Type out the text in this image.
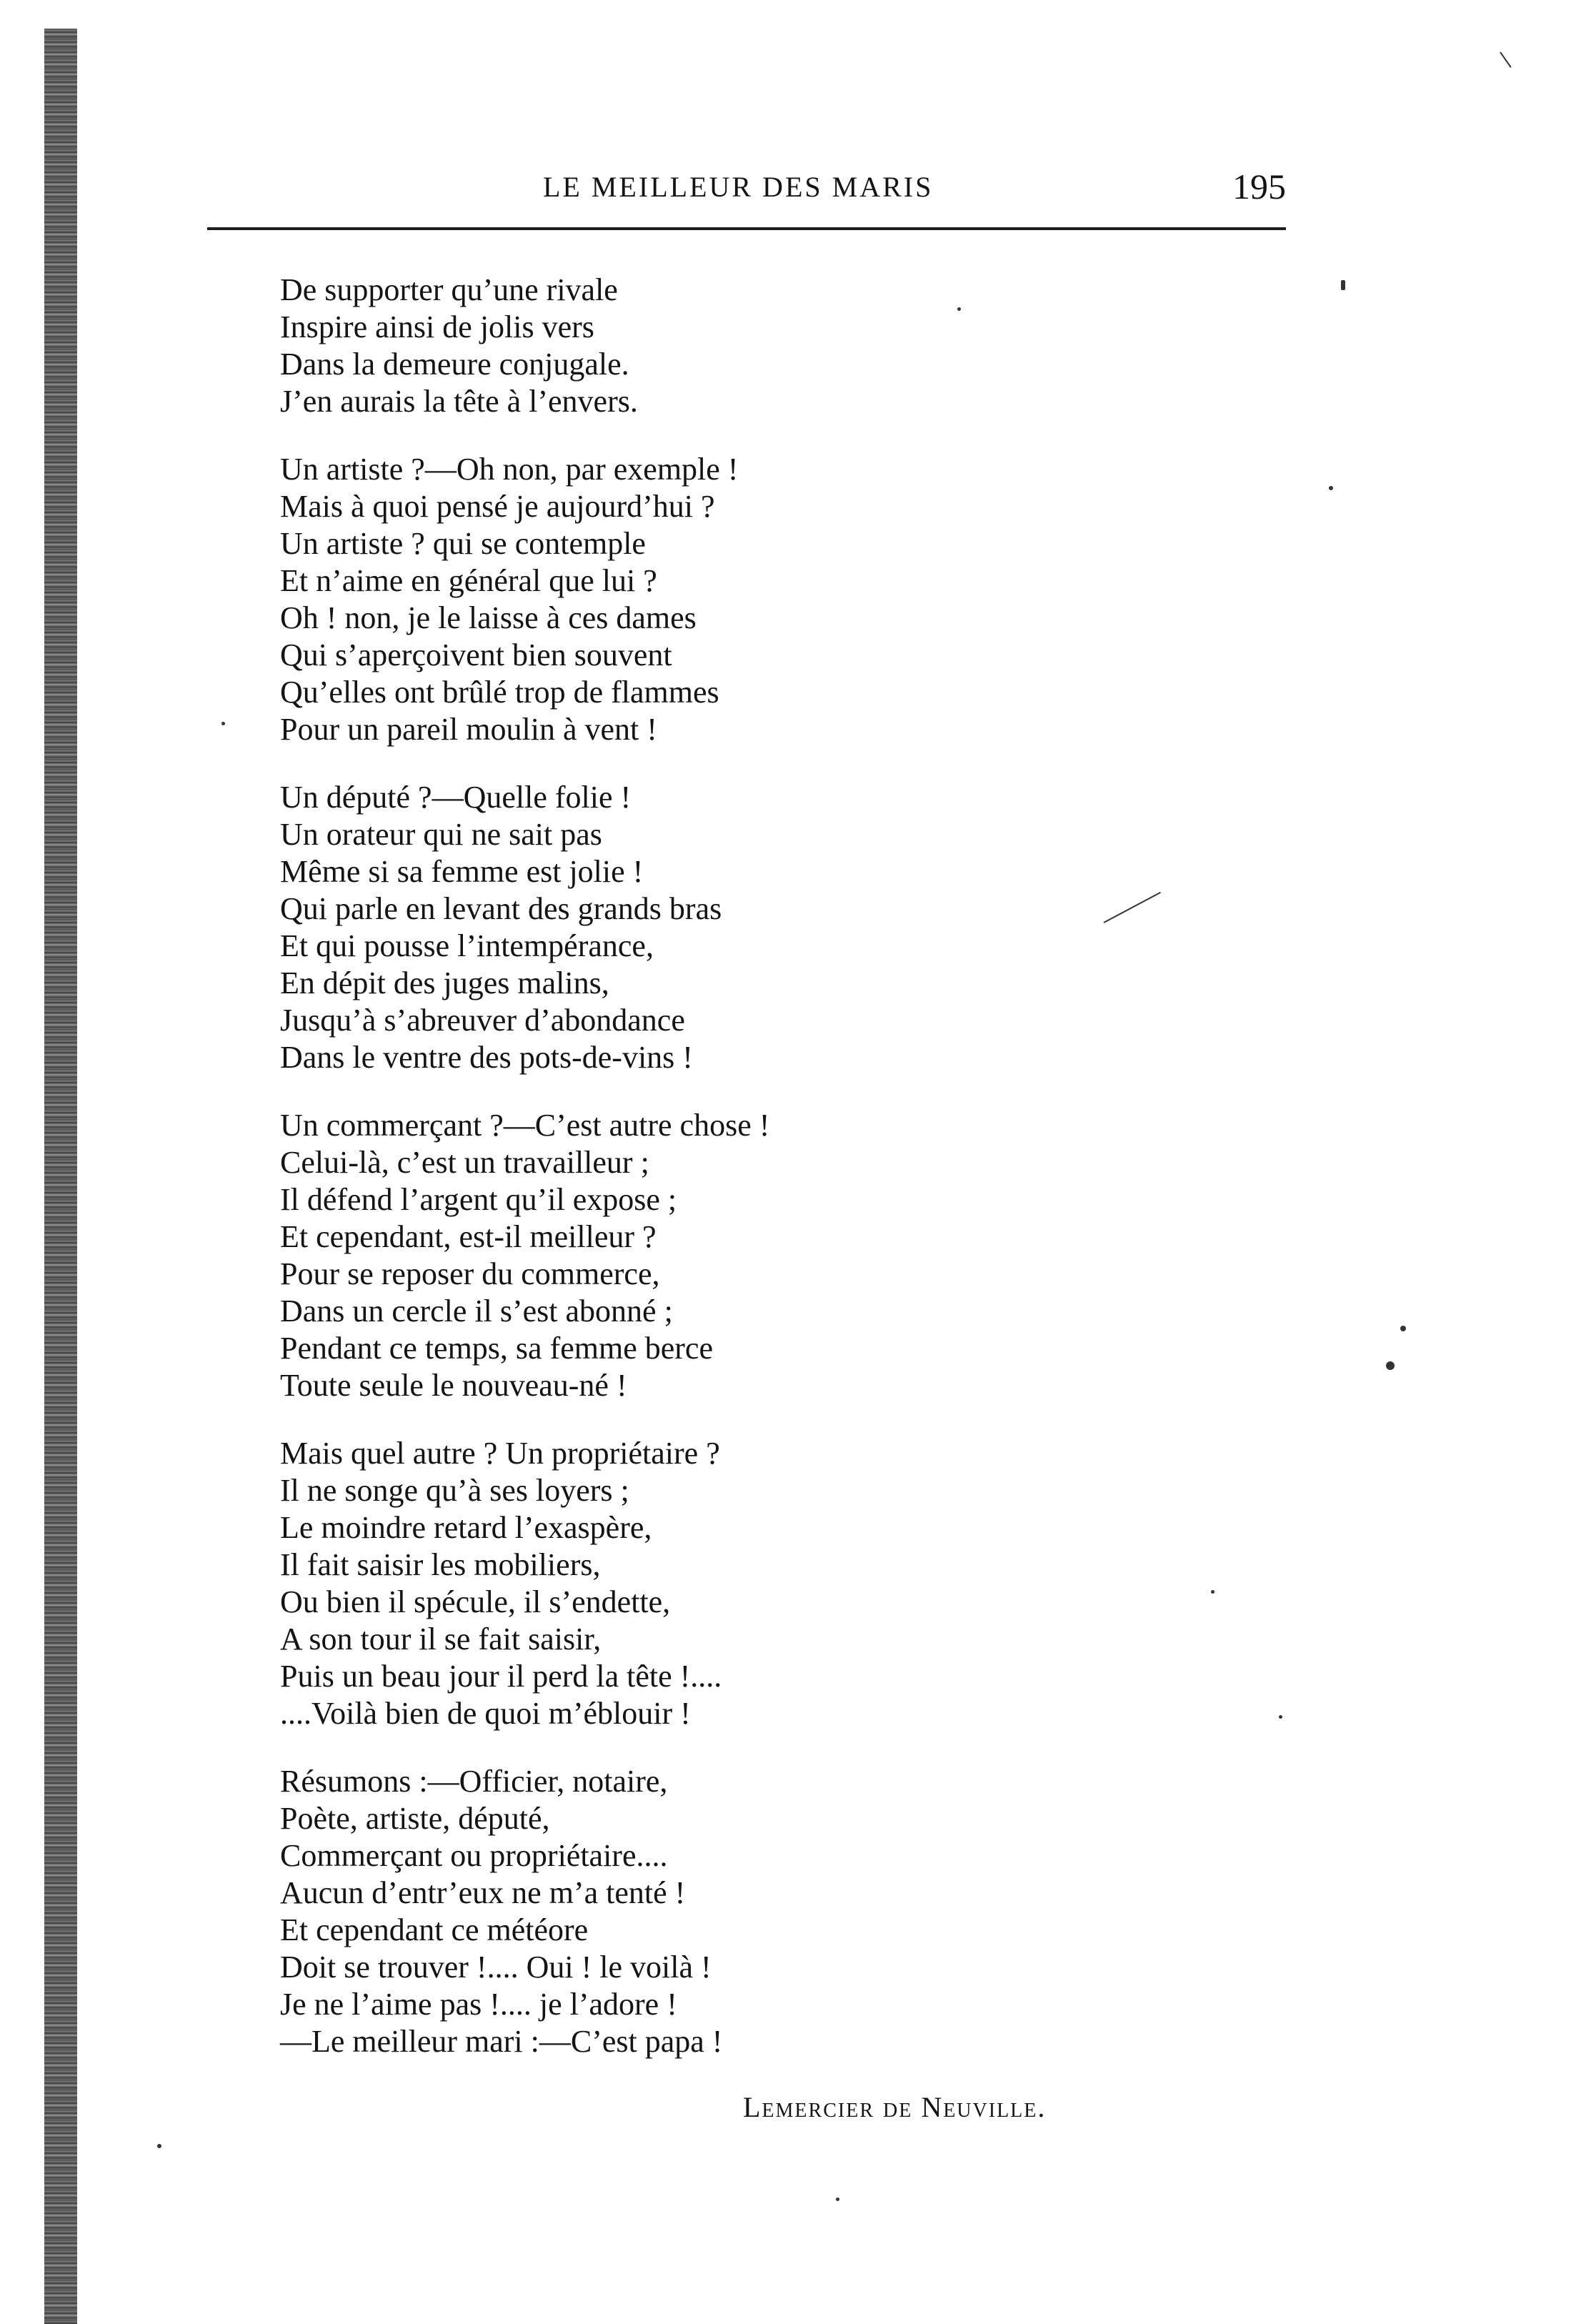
LE MEILLEUR DES MARIS	195
De supporter qu’une rivale
Inspire ainsi de jolis vers
Dans la demeure conjugale.
J’en aurais la tête à l’envers.
Un artiste ?—Oh non, par exemple !
Mais à quoi pensé je aujourd’hui ?
Un artiste ? qui se contemple
Et n’aime en général que lui ?
Oh ! non, je le laisse à ces dames
Qui s’aperçoivent bien souvent
Qu’elles ont brûlé trop de flammes
Pour un pareil moulin à vent !
Un député ?—Quelle folie !
Un orateur qui ne sait pas
Même si sa femme est jolie !
Qui parle en levant des grands bras
Et qui pousse l’intempérance,
En dépit des juges malins,
Jusqu’à s’abreuver d’abondance
Dans le ventre des pots-de-vins !
Un commerçant ?—C’est autre chose !
Celui-là, c’est un travailleur ;
Il défend l’argent qu’il expose ;
Et cependant, est-il meilleur ?
Pour se reposer du commerce,
Dans un cercle il s’est abonné ;
Pendant ce temps, sa femme berce
Toute seule le nouveau-né !
Mais quel autre ? Un propriétaire ?
Il ne songe qu’à ses loyers ;
Le moindre retard l’exaspère,
Il fait saisir les mobiliers,
Ou bien il spécule, il s’endette,
A son tour il se fait saisir,
Puis un beau jour il perd la tête !....
....Voilà bien de quoi m’éblouir !
Résumons :—Officier, notaire,
Poète, artiste, député,
Commerçant ou propriétaire....
Aucun d’entr’eux ne m’a tenté !
Et cependant ce météore
Doit se trouver !.... Oui ! le voilà !
Je ne l’aime pas !.... je l’adore !
—Le meilleur mari :—C’est papa !
Lemercier de Neuville.
